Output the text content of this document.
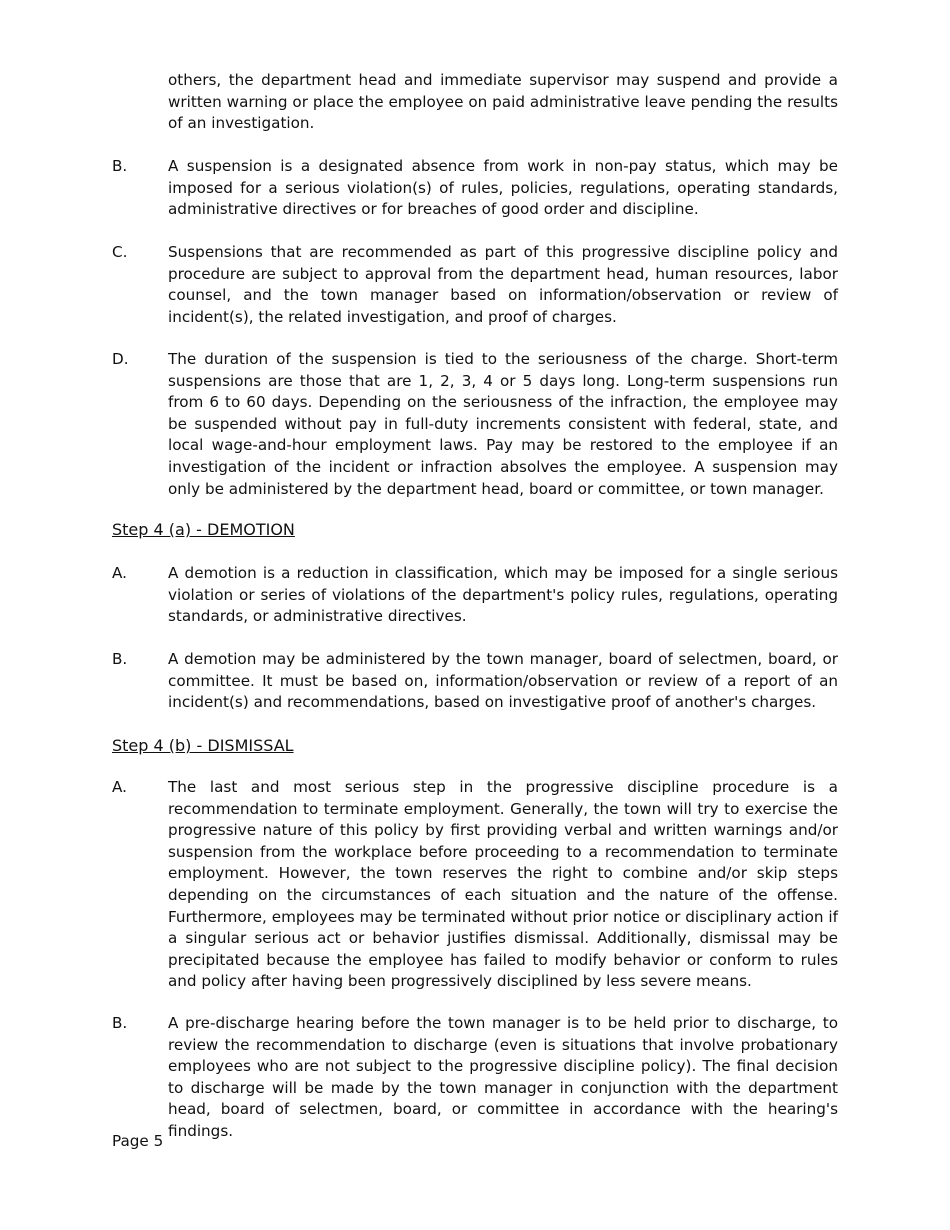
others, the department head and immediate supervisor may suspend and provide a written warning or place the employee on paid administrative leave pending the results of an investigation.
B.	A suspension is a designated absence from work in non-pay status, which may be imposed for a serious violation(s) of rules, policies, regulations, operating standards, administrative directives or for breaches of good order and discipline.
C.	Suspensions that are recommended as part of this progressive discipline policy and procedure are subject to approval from the department head, human resources, labor counsel, and the town manager based on information/observation or review of incident(s), the related investigation, and proof of charges.
D.	The duration of the suspension is tied to the seriousness of the charge. Short-term suspensions are those that are 1, 2, 3, 4 or 5 days long. Long-term suspensions run from 6 to 60 days. Depending on the seriousness of the infraction, the employee may be suspended without pay in full-duty increments consistent with federal, state, and local wage-and-hour employment laws. Pay may be restored to the employee if an investigation of the incident or infraction absolves the employee. A suspension may only be administered by the department head, board or committee, or town manager.
Step 4 (a) - DEMOTION
A.	A demotion is a reduction in classification, which may be imposed for a single serious violation or series of violations of the department's policy rules, regulations, operating standards, or administrative directives.
B.	A demotion may be administered by the town manager, board of selectmen, board, or committee. It must be based on, information/observation or review of a report of an incident(s) and recommendations, based on investigative proof of another's charges.
Step 4 (b) - DISMISSAL
A.	The last and most serious step in the progressive discipline procedure is a recommendation to terminate employment. Generally, the town will try to exercise the progressive nature of this policy by first providing verbal and written warnings and/or suspension from the workplace before proceeding to a recommendation to terminate employment. However, the town reserves the right to combine and/or skip steps depending on the circumstances of each situation and the nature of the offense. Furthermore, employees may be terminated without prior notice or disciplinary action if a singular serious act or behavior justifies dismissal. Additionally, dismissal may be precipitated because the employee has failed to modify behavior or conform to rules and policy after having been progressively disciplined by less severe means.
B.	A pre-discharge hearing before the town manager is to be held prior to discharge, to review the recommendation to discharge (even is situations that involve probationary employees who are not subject to the progressive discipline policy). The final decision to discharge will be made by the town manager in conjunction with the department head, board of selectmen, board, or committee in accordance with the hearing's findings.
Page 5
